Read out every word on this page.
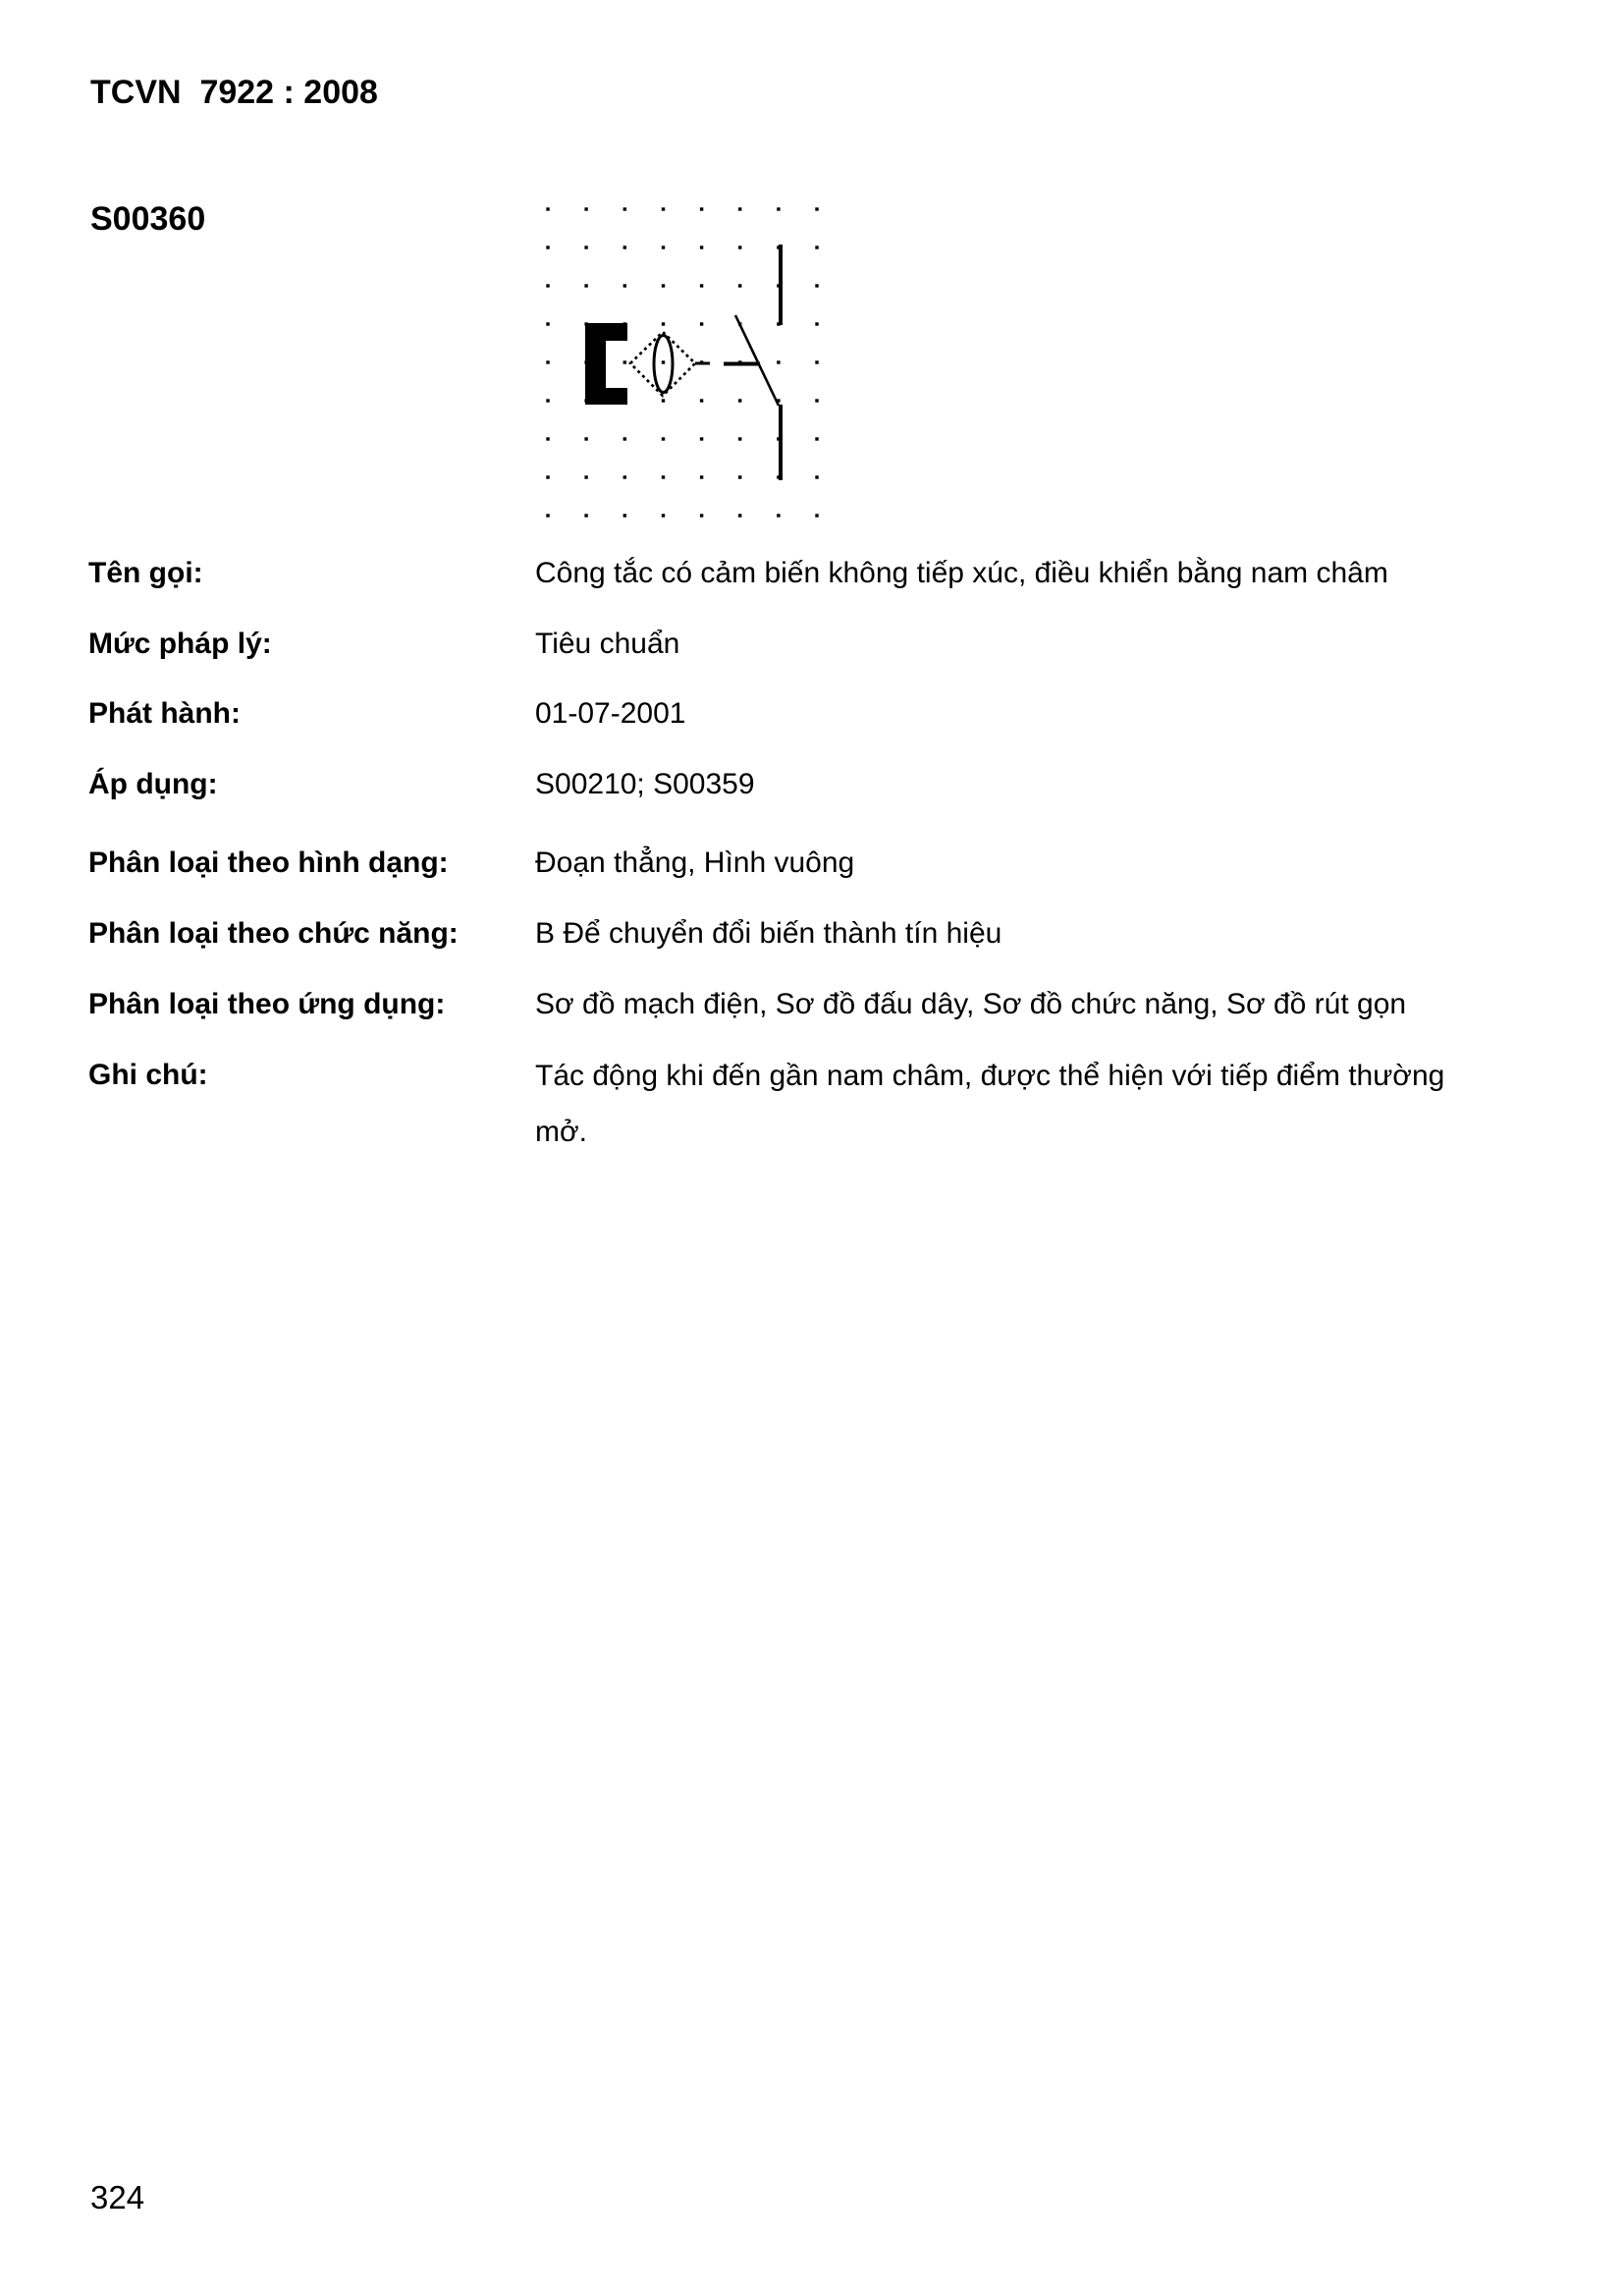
TCVN  7922 : 2008
S00360
Tên gọi:	Công tắc có cảm biến không tiếp xúc, điều khiển bằng nam châm
Mức pháp lý:	Tiêu chuẩn
Phát hành:	01-07-2001
Áp dụng:	S00210; S00359
Phân loại theo hình dạng:	Đoạn thẳng, Hình vuông
Phân loại theo chức năng:	B Để chuyển đổi biến thành tín hiệu
Phân loại theo ứng dụng:	Sơ đồ mạch điện, Sơ đồ đấu dây, Sơ đồ chức năng, Sơ đồ rút gọn
Ghi chú:	Tác động khi đến gần nam châm, được thể hiện với tiếp điểm thường mở.
324
